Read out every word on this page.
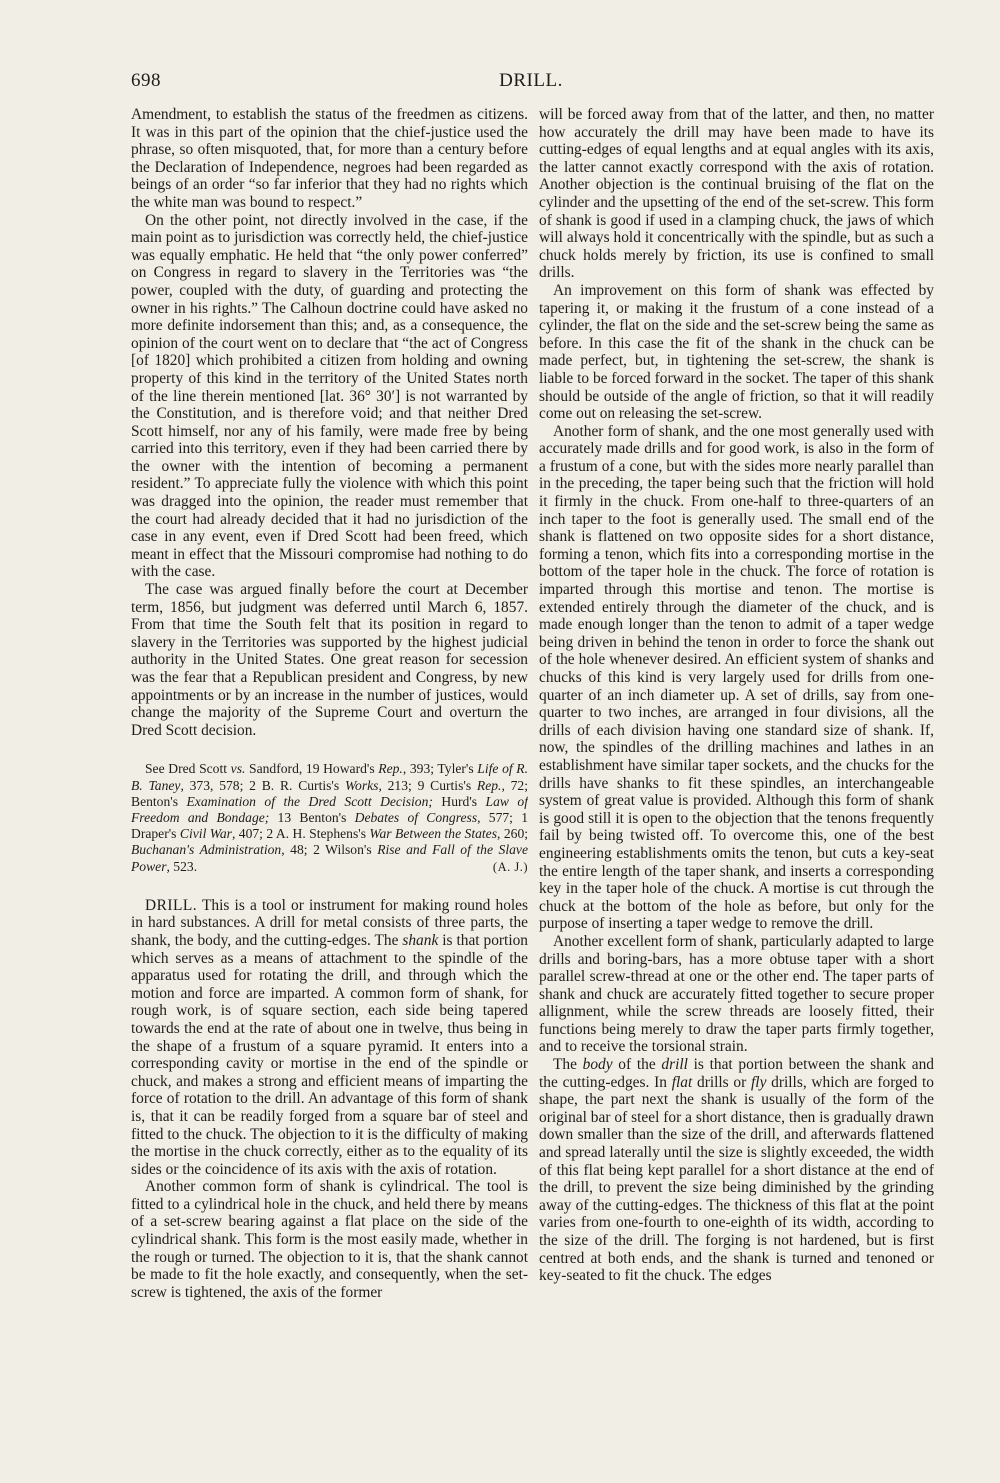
698	DRILL.

Amendment, to establish the status of the freedmen as citizens. It was in this part of the opinion that the chief-justice used the phrase, so often misquoted, that, for more than a century before the Declaration of Independence, negroes had been regarded as beings of an order “so far inferior that they had no rights which the white man was bound to respect.”

On the other point, not directly involved in the case, if the main point as to jurisdiction was correctly held, the chief-justice was equally emphatic. He held that “the only power conferred” on Congress in regard to slavery in the Territories was “the power, coupled with the duty, of guarding and protecting the owner in his rights.” The Calhoun doctrine could have asked no more definite indorsement than this; and, as a consequence, the opinion of the court went on to declare that “the act of Congress [of 1820] which prohibited a citizen from holding and owning property of this kind in the territory of the United States north of the line therein mentioned [lat. 36° 30′] is not warranted by the Constitution, and is therefore void; and that neither Dred Scott himself, nor any of his family, were made free by being carried into this territory, even if they had been carried there by the owner with the intention of becoming a permanent resident.” To appreciate fully the violence with which this point was dragged into the opinion, the reader must remember that the court had already decided that it had no jurisdiction of the case in any event, even if Dred Scott had been freed, which meant in effect that the Missouri compromise had nothing to do with the case.

The case was argued finally before the court at December term, 1856, but judgment was deferred until March 6, 1857. From that time the South felt that its position in regard to slavery in the Territories was supported by the highest judicial authority in the United States. One great reason for secession was the fear that a Republican president and Congress, by new appointments or by an increase in the number of justices, would change the majority of the Supreme Court and overturn the Dred Scott decision.

See Dred Scott vs. Sandford, 19 Howard's Rep., 393; Tyler's Life of R. B. Taney, 373, 578; 2 B. R. Curtis's Works, 213; 9 Curtis's Rep., 72; Benton's Examination of the Dred Scott Decision; Hurd's Law of Freedom and Bondage; 13 Benton's Debates of Congress, 577; 1 Draper's Civil War, 407; 2 A. H. Stephens's War Between the States, 260; Buchanan's Administration, 48; 2 Wilson's Rise and Fall of the Slave Power, 523.	(A. J.)

DRILL. This is a tool or instrument for making round holes in hard substances. A drill for metal consists of three parts, the shank, the body, and the cutting-edges. The shank is that portion which serves as a means of attachment to the spindle of the apparatus used for rotating the drill, and through which the motion and force are imparted. A common form of shank, for rough work, is of square section, each side being tapered towards the end at the rate of about one in twelve, thus being in the shape of a frustum of a square pyramid. It enters into a corresponding cavity or mortise in the end of the spindle or chuck, and makes a strong and efficient means of imparting the force of rotation to the drill. An advantage of this form of shank is, that it can be readily forged from a square bar of steel and fitted to the chuck. The objection to it is the difficulty of making the mortise in the chuck correctly, either as to the equality of its sides or the coincidence of its axis with the axis of rotation.

Another common form of shank is cylindrical. The tool is fitted to a cylindrical hole in the chuck, and held there by means of a set-screw bearing against a flat place on the side of the cylindrical shank. This form is the most easily made, whether in the rough or turned. The objection to it is, that the shank cannot be made to fit the hole exactly, and consequently, when the set-screw is tightened, the axis of the former

will be forced away from that of the latter, and then, no matter how accurately the drill may have been made to have its cutting-edges of equal lengths and at equal angles with its axis, the latter cannot exactly correspond with the axis of rotation. Another objection is the continual bruising of the flat on the cylinder and the upsetting of the end of the set-screw. This form of shank is good if used in a clamping chuck, the jaws of which will always hold it concentrically with the spindle, but as such a chuck holds merely by friction, its use is confined to small drills.

An improvement on this form of shank was effected by tapering it, or making it the frustum of a cone instead of a cylinder, the flat on the side and the set-screw being the same as before. In this case the fit of the shank in the chuck can be made perfect, but, in tightening the set-screw, the shank is liable to be forced forward in the socket. The taper of this shank should be outside of the angle of friction, so that it will readily come out on releasing the set-screw.

Another form of shank, and the one most generally used with accurately made drills and for good work, is also in the form of a frustum of a cone, but with the sides more nearly parallel than in the preceding, the taper being such that the friction will hold it firmly in the chuck. From one-half to three-quarters of an inch taper to the foot is generally used. The small end of the shank is flattened on two opposite sides for a short distance, forming a tenon, which fits into a corresponding mortise in the bottom of the taper hole in the chuck. The force of rotation is imparted through this mortise and tenon. The mortise is extended entirely through the diameter of the chuck, and is made enough longer than the tenon to admit of a taper wedge being driven in behind the tenon in order to force the shank out of the hole whenever desired. An efficient system of shanks and chucks of this kind is very largely used for drills from one-quarter of an inch diameter up. A set of drills, say from one-quarter to two inches, are arranged in four divisions, all the drills of each division having one standard size of shank. If, now, the spindles of the drilling machines and lathes in an establishment have similar taper sockets, and the chucks for the drills have shanks to fit these spindles, an interchangeable system of great value is provided. Although this form of shank is good still it is open to the objection that the tenons frequently fail by being twisted off. To overcome this, one of the best engineering establishments omits the tenon, but cuts a key-seat the entire length of the taper shank, and inserts a corresponding key in the taper hole of the chuck. A mortise is cut through the chuck at the bottom of the hole as before, but only for the purpose of inserting a taper wedge to remove the drill.

Another excellent form of shank, particularly adapted to large drills and boring-bars, has a more obtuse taper with a short parallel screw-thread at one or the other end. The taper parts of shank and chuck are accurately fitted together to secure proper allignment, while the screw threads are loosely fitted, their functions being merely to draw the taper parts firmly together, and to receive the torsional strain.

The body of the drill is that portion between the shank and the cutting-edges. In flat drills or fly drills, which are forged to shape, the part next the shank is usually of the form of the original bar of steel for a short distance, then is gradually drawn down smaller than the size of the drill, and afterwards flattened and spread laterally until the size is slightly exceeded, the width of this flat being kept parallel for a short distance at the end of the drill, to prevent the size being diminished by the grinding away of the cutting-edges. The thickness of this flat at the point varies from one-fourth to one-eighth of its width, according to the size of the drill. The forging is not hardened, but is first centred at both ends, and the shank is turned and tenoned or key-seated to fit the chuck. The edges
